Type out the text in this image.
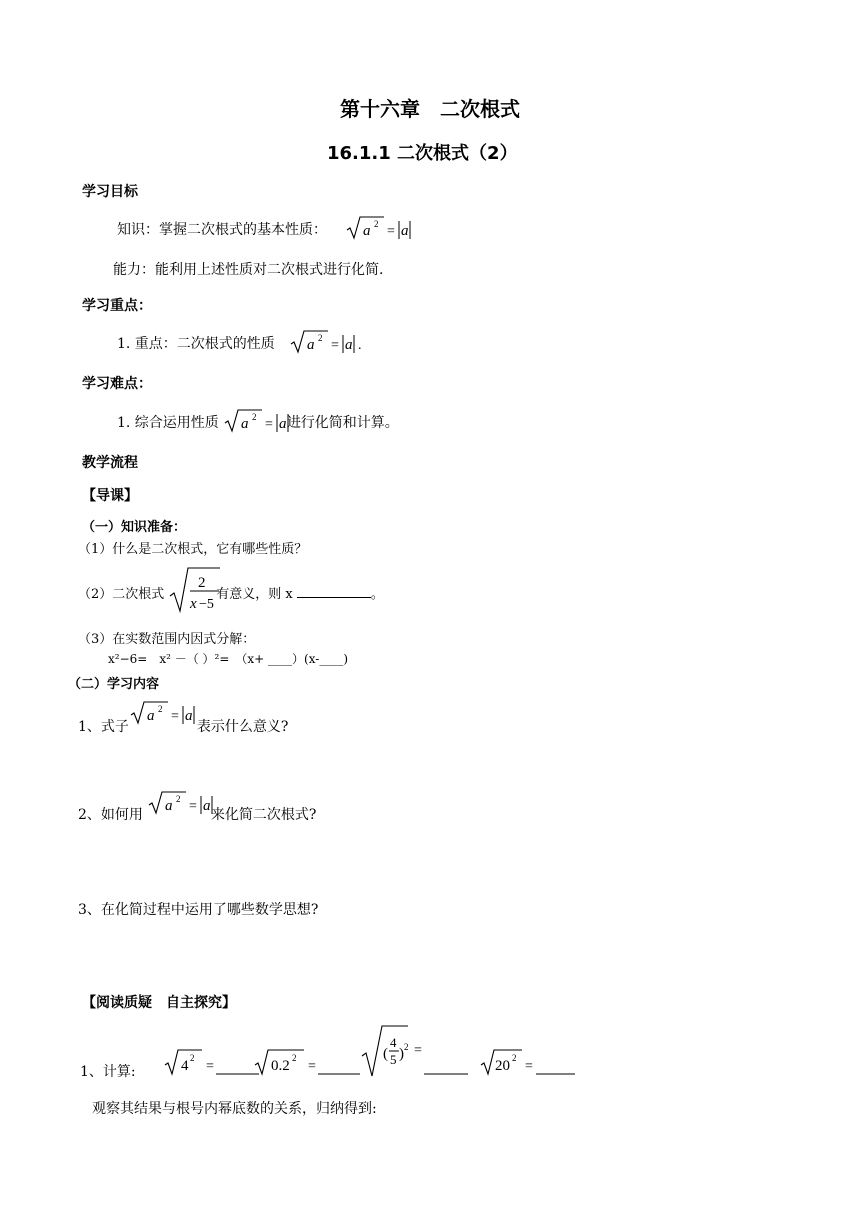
第十六章　二次根式
16.1.1 二次根式（2）
学习目标
知识：掌握二次根式的基本性质： a 2 = a
能力：能利用上述性质对二次根式进行化简.
学习重点：
1. 重点：二次根式的性质 a 2 = a .
学习难点：
1. 综合运用性质	进行化简和计算。
a 2 = a
教学流程
【导课】
（一）知识准备：
（1）什么是二次根式，它有哪些性质？
（2）二次根式	有意义，则 x	。
2
x −5
（3）在实数范围内因式分解：
x²−6=　x² －（ ）²=　（x+ ____）(x-____)
（二）学习内容
1、式子	表示什么意义?
a 2 = a
2、如何用	来化简二次根式?
a 2 = a
3、在化简过程中运用了哪些数学思想?
【阅读质疑　自主探究】
1、计算:	4 2
=	0.2 2
=
(
4
5 ) 2 =
20 2
=
观察其结果与根号内幂底数的关系，归纳得到:
